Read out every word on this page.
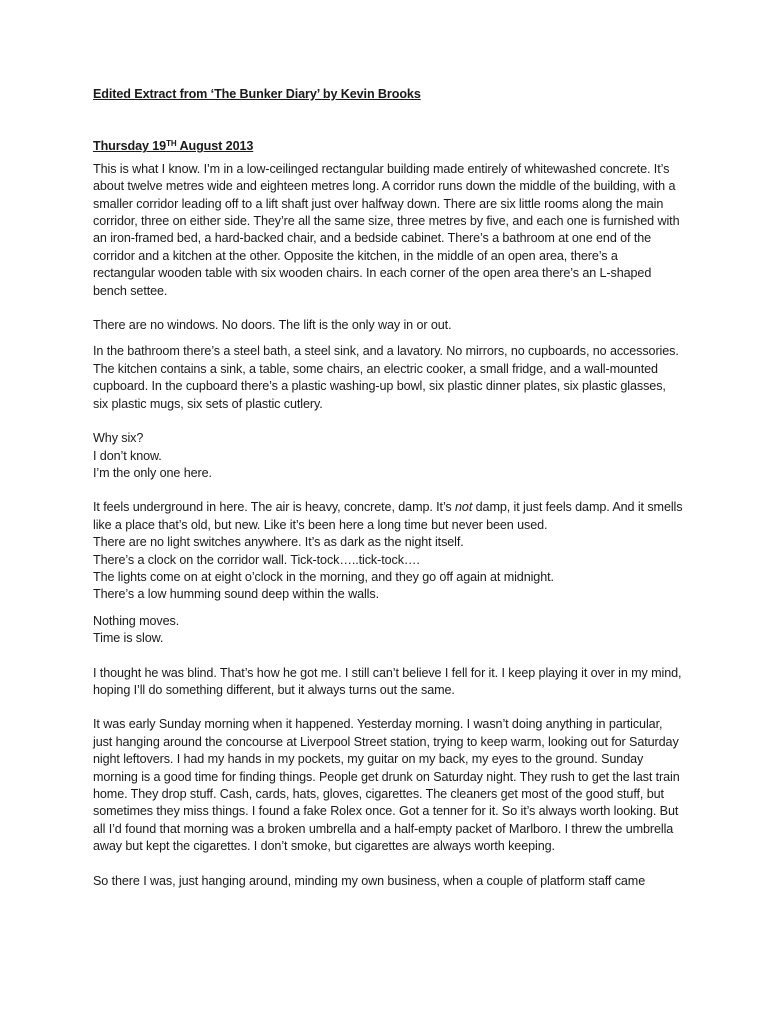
Edited Extract from ‘The Bunker Diary’ by Kevin Brooks

Thursday 19TH August 2013

This is what I know. I’m in a low-ceilinged rectangular building made entirely of whitewashed concrete. It’s about twelve metres wide and eighteen metres long. A corridor runs down the middle of the building, with a smaller corridor leading off to a lift shaft just over halfway down. There are six little rooms along the main corridor, three on either side. They’re all the same size, three metres by five, and each one is furnished with an iron-framed bed, a hard-backed chair, and a bedside cabinet. There’s a bathroom at one end of the corridor and a kitchen at the other. Opposite the kitchen, in the middle of an open area, there’s a rectangular wooden table with six wooden chairs. In each corner of the open area there’s an L-shaped bench settee.

There are no windows. No doors. The lift is the only way in or out.

In the bathroom there’s a steel bath, a steel sink, and a lavatory. No mirrors, no cupboards, no accessories. The kitchen contains a sink, a table, some chairs, an electric cooker, a small fridge, and a wall-mounted cupboard. In the cupboard there’s a plastic washing-up bowl, six plastic dinner plates, six plastic glasses, six plastic mugs, six sets of plastic cutlery.

Why six?
I don’t know.
I’m the only one here.

It feels underground in here. The air is heavy, concrete, damp. It’s not damp, it just feels damp. And it smells like a place that’s old, but new. Like it’s been here a long time but never been used.
There are no light switches anywhere. It’s as dark as the night itself.
There’s a clock on the corridor wall. Tick-tock…..tick-tock….
The lights come on at eight o’clock in the morning, and they go off again at midnight.
There’s a low humming sound deep within the walls.

Nothing moves.
Time is slow.

I thought he was blind. That’s how he got me. I still can’t believe I fell for it. I keep playing it over in my mind, hoping I’ll do something different, but it always turns out the same.

It was early Sunday morning when it happened. Yesterday morning. I wasn’t doing anything in particular, just hanging around the concourse at Liverpool Street station, trying to keep warm, looking out for Saturday night leftovers. I had my hands in my pockets, my guitar on my back, my eyes to the ground. Sunday morning is a good time for finding things. People get drunk on Saturday night. They rush to get the last train home. They drop stuff. Cash, cards, hats, gloves, cigarettes. The cleaners get most of the good stuff, but sometimes they miss things. I found a fake Rolex once. Got a tenner for it. So it’s always worth looking. But all I’d found that morning was a broken umbrella and a half-empty packet of Marlboro. I threw the umbrella away but kept the cigarettes. I don’t smoke, but cigarettes are always worth keeping.

So there I was, just hanging around, minding my own business, when a couple of platform staff came
